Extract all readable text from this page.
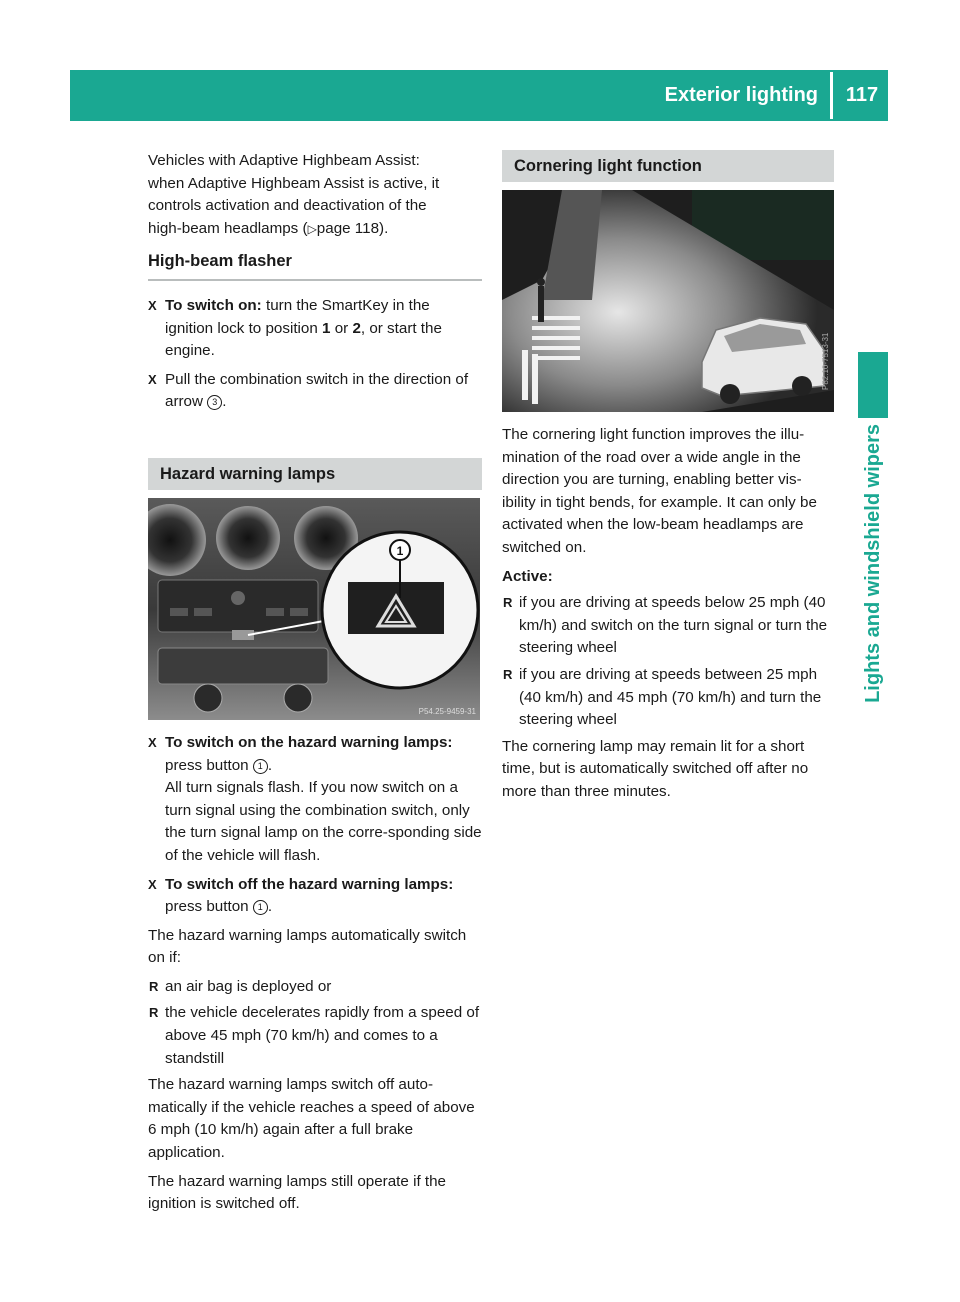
Exterior lighting	117
Lights and windshield wipers

Vehicles with Adaptive Highbeam Assist:
when Adaptive Highbeam Assist is active, it
controls activation and deactivation of the
high-beam headlamps (▷page 118).

High-beam flasher
X To switch on: turn the SmartKey in the ignition lock to position 1 or 2, or start the engine.
X Pull the combination switch in the direction of arrow 3 .
Hazard warning lamps
1
P54.25-9459-31
X To switch on the hazard warning lamps:
press button 1 .
All turn signals flash. If you now switch on a turn signal using the combination switch, only the turn signal lamp on the corre-sponding side of the vehicle will flash.
X To switch off the hazard warning lamps:
press button 1 .

The hazard warning lamps automatically switch on if:

R an air bag is deployed or
R the vehicle decelerates rapidly from a speed of above 45 mph (70 km/h) and comes to a standstill

The hazard warning lamps switch off auto-matically if the vehicle reaches a speed of above 6 mph (10 km/h) again after a full brake application.

The hazard warning lamps still operate if the ignition is switched off.

Cornering light function
P82.10-7513-31

The cornering light function improves the illu-mination of the road over a wide angle in the direction you are turning, enabling better vis-ibility in tight bends, for example. It can only be activated when the low-beam headlamps are switched on.

Active:

R if you are driving at speeds below 25 mph (40 km/h) and switch on the turn signal or turn the steering wheel
R if you are driving at speeds between 25 mph (40 km/h) and 45 mph (70 km/h) and turn the steering wheel

The cornering lamp may remain lit for a short time, but is automatically switched off after no more than three minutes.
